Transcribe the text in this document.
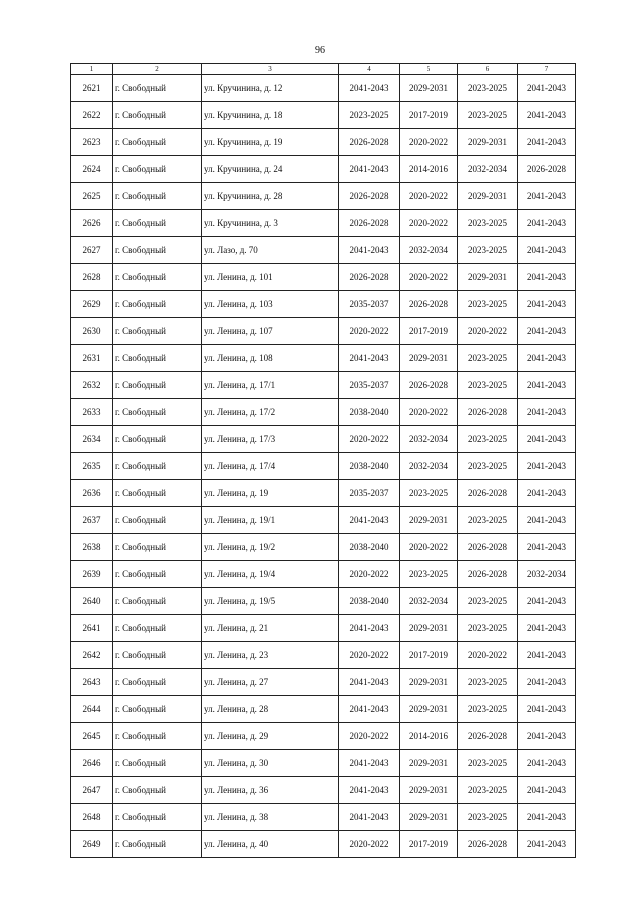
96
1	2	3	4	5	6	7
2621	г. Свободный	ул. Кручинина, д. 12	2041-2043	2029-2031	2023-2025	2041-2043
2622	г. Свободный	ул. Кручинина, д. 18	2023-2025	2017-2019	2023-2025	2041-2043
2623	г. Свободный	ул. Кручинина, д. 19	2026-2028	2020-2022	2029-2031	2041-2043
2624	г. Свободный	ул. Кручинина, д. 24	2041-2043	2014-2016	2032-2034	2026-2028
2625	г. Свободный	ул. Кручинина, д. 28	2026-2028	2020-2022	2029-2031	2041-2043
2626	г. Свободный	ул. Кручинина, д. 3	2026-2028	2020-2022	2023-2025	2041-2043
2627	г. Свободный	ул. Лазо, д. 70	2041-2043	2032-2034	2023-2025	2041-2043
2628	г. Свободный	ул. Ленина, д. 101	2026-2028	2020-2022	2029-2031	2041-2043
2629	г. Свободный	ул. Ленина, д. 103	2035-2037	2026-2028	2023-2025	2041-2043
2630	г. Свободный	ул. Ленина, д. 107	2020-2022	2017-2019	2020-2022	2041-2043
2631	г. Свободный	ул. Ленина, д. 108	2041-2043	2029-2031	2023-2025	2041-2043
2632	г. Свободный	ул. Ленина, д. 17/1	2035-2037	2026-2028	2023-2025	2041-2043
2633	г. Свободный	ул. Ленина, д. 17/2	2038-2040	2020-2022	2026-2028	2041-2043
2634	г. Свободный	ул. Ленина, д. 17/3	2020-2022	2032-2034	2023-2025	2041-2043
2635	г. Свободный	ул. Ленина, д. 17/4	2038-2040	2032-2034	2023-2025	2041-2043
2636	г. Свободный	ул. Ленина, д. 19	2035-2037	2023-2025	2026-2028	2041-2043
2637	г. Свободный	ул. Ленина, д. 19/1	2041-2043	2029-2031	2023-2025	2041-2043
2638	г. Свободный	ул. Ленина, д. 19/2	2038-2040	2020-2022	2026-2028	2041-2043
2639	г. Свободный	ул. Ленина, д. 19/4	2020-2022	2023-2025	2026-2028	2032-2034
2640	г. Свободный	ул. Ленина, д. 19/5	2038-2040	2032-2034	2023-2025	2041-2043
2641	г. Свободный	ул. Ленина, д. 21	2041-2043	2029-2031	2023-2025	2041-2043
2642	г. Свободный	ул. Ленина, д. 23	2020-2022	2017-2019	2020-2022	2041-2043
2643	г. Свободный	ул. Ленина, д. 27	2041-2043	2029-2031	2023-2025	2041-2043
2644	г. Свободный	ул. Ленина, д. 28	2041-2043	2029-2031	2023-2025	2041-2043
2645	г. Свободный	ул. Ленина, д. 29	2020-2022	2014-2016	2026-2028	2041-2043
2646	г. Свободный	ул. Ленина, д. 30	2041-2043	2029-2031	2023-2025	2041-2043
2647	г. Свободный	ул. Ленина, д. 36	2041-2043	2029-2031	2023-2025	2041-2043
2648	г. Свободный	ул. Ленина, д. 38	2041-2043	2029-2031	2023-2025	2041-2043
2649	г. Свободный	ул. Ленина, д. 40	2020-2022	2017-2019	2026-2028	2041-2043
